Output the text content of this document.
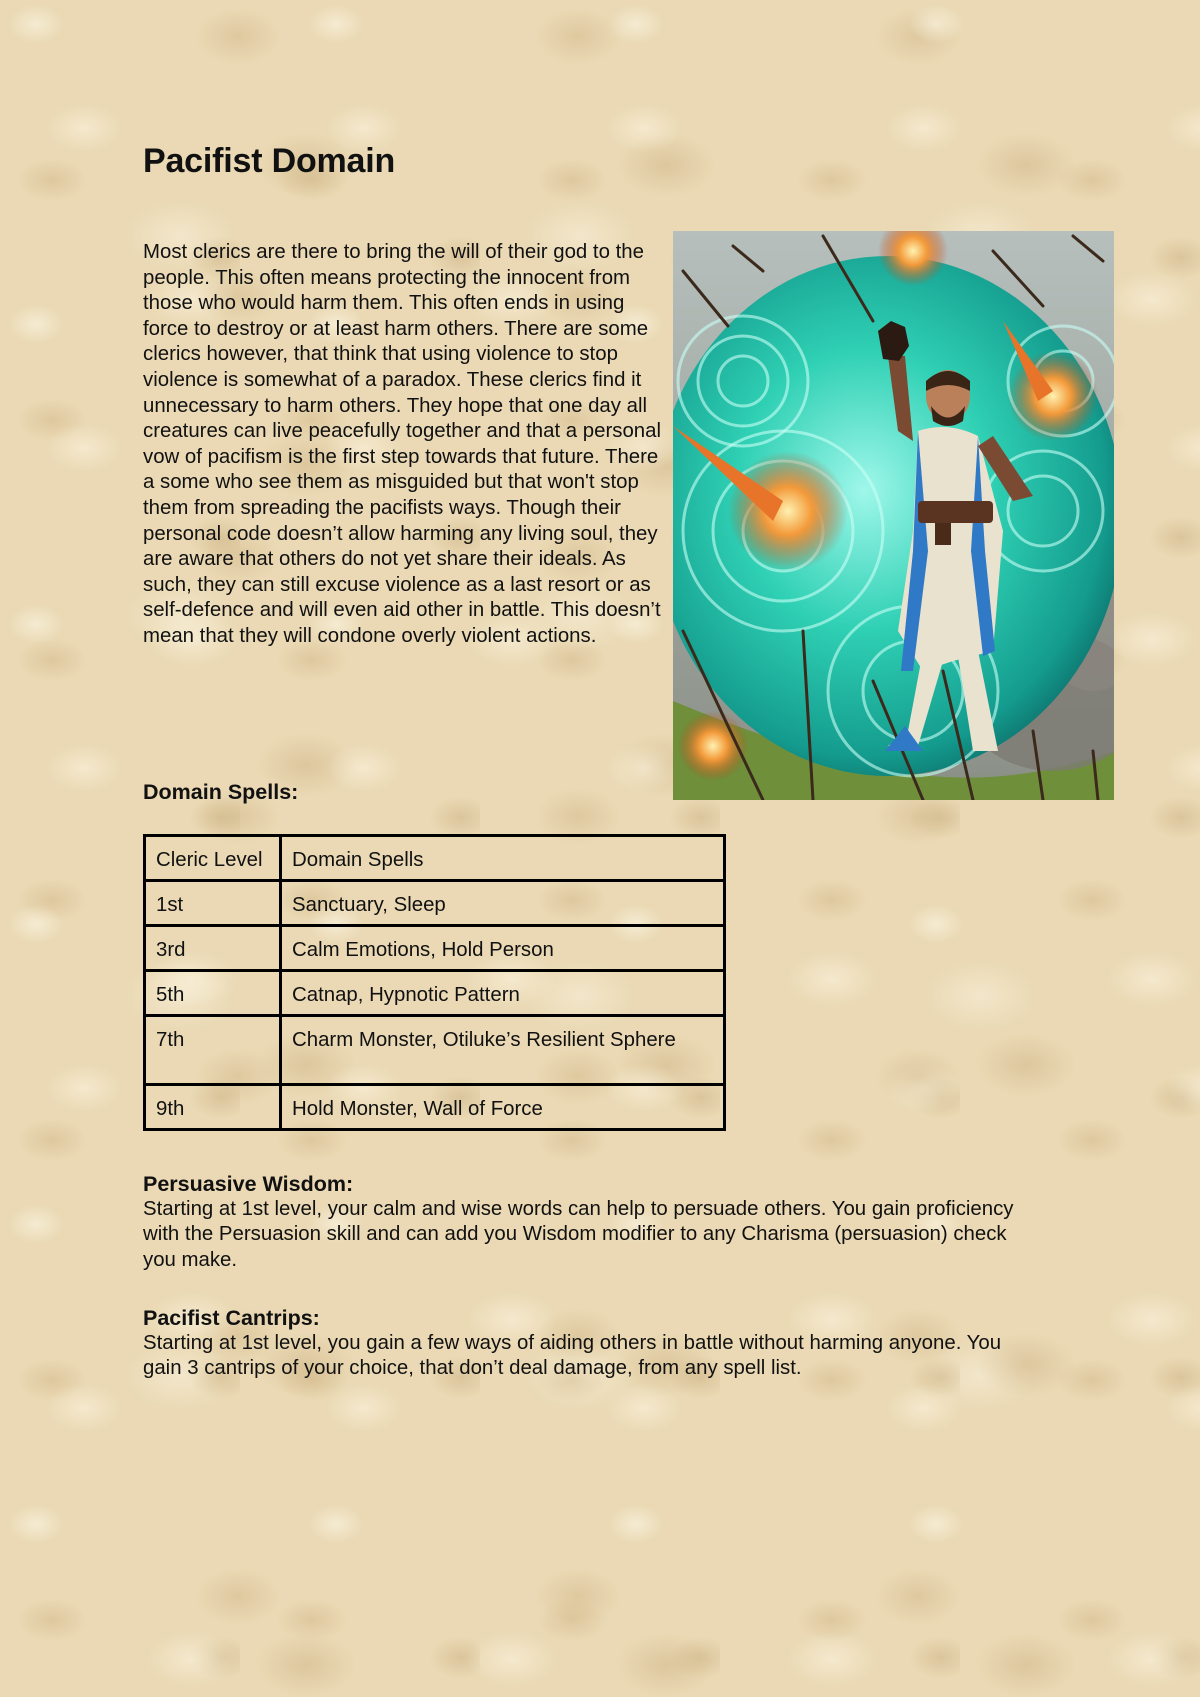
Pacifist Domain

Most clerics are there to bring the will of their god to the people. This often means protecting the innocent from those who would harm them. This often ends in using force to destroy or at least harm others. There are some clerics however, that think that using violence to stop violence is somewhat of a paradox. These clerics find it unnecessary to harm others. They hope that one day all creatures can live peacefully together and that a personal vow of pacifism is the first step towards that future. There a some who see them as misguided but that won't stop them from spreading the pacifists ways. Though their personal code doesn’t allow harming any living soul, they are aware that others do not yet share their ideals. As such, they can still excuse violence as a last resort or as self-defence and will even aid other in battle. This doesn’t mean that they will condone overly violent actions.

Domain Spells:
Cleric Level	Domain Spells
1st	Sanctuary, Sleep
3rd	Calm Emotions, Hold Person
5th	Catnap, Hypnotic Pattern
7th	Charm Monster, Otiluke’s Resilient Sphere
9th	Hold Monster, Wall of Force
Persuasive Wisdom:

Starting at 1st level, your calm and wise words can help to persuade others. You gain proficiency with the Persuasion skill and can add you Wisdom modifier to any Charisma (persuasion) check you make.

Pacifist Cantrips:

Starting at 1st level, you gain a few ways of aiding others in battle without harming anyone. You gain 3 cantrips of your choice, that don’t deal damage, from any spell list.
